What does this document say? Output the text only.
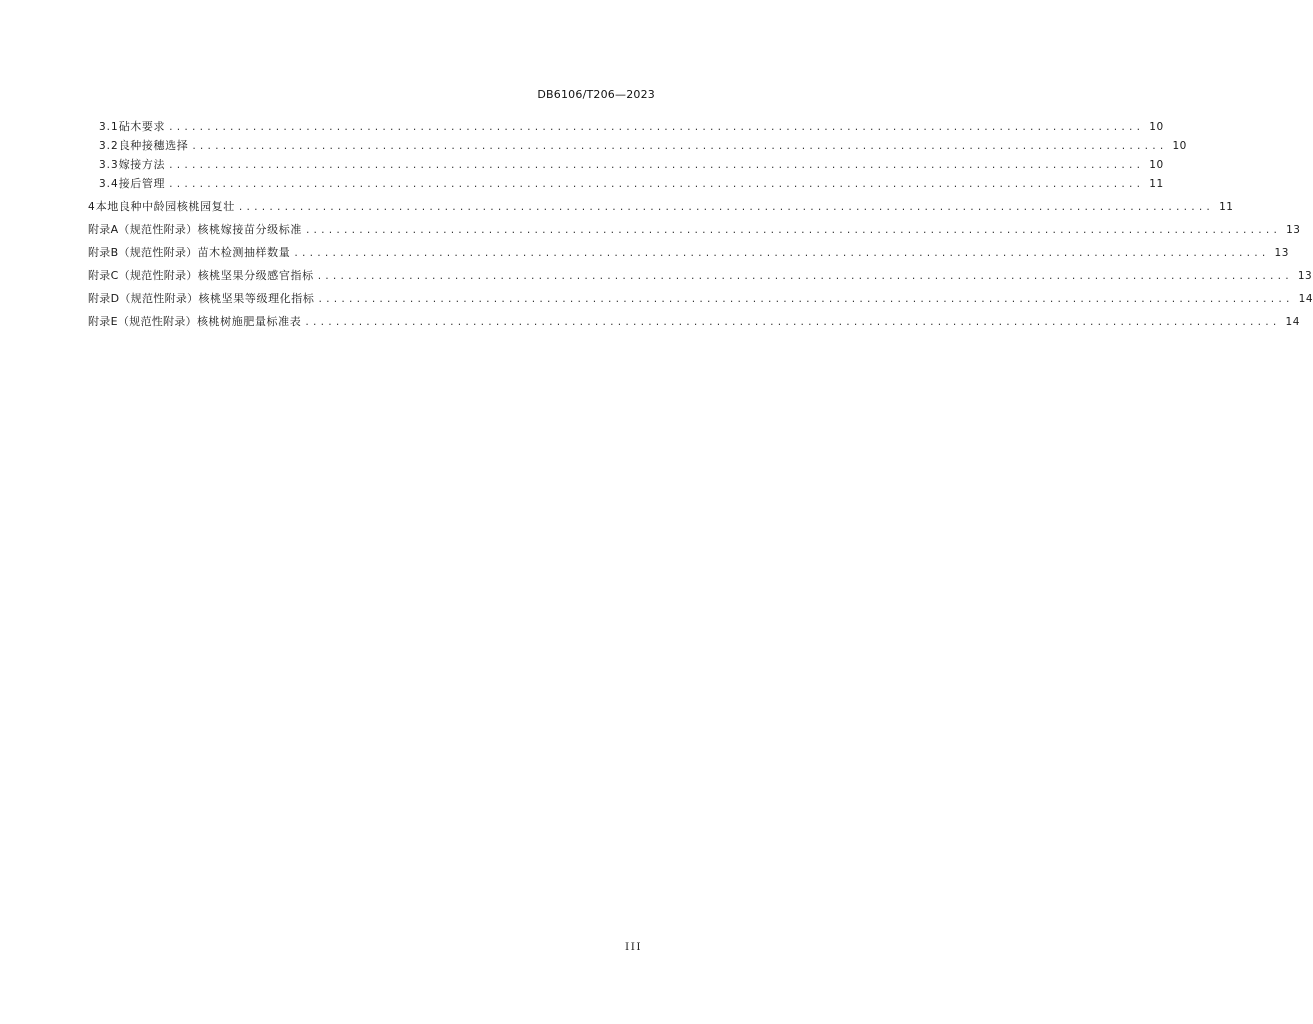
DB6106/T206—2023
3.1 砧木要求 ................................................................................................................................ 10
3.2 良种接穗选择 ................................................................................................................................ 10
3.3 嫁接方法 ................................................................................................................................ 10
3.4 接后管理 ................................................................................................................................ 11
4 本地良种中龄园核桃园复壮 ................................................................................................................................ 11
附录A（规范性附录） 核桃嫁接苗分级标准 ................................................................................................................................ 13
附录B（规范性附录） 苗木检测抽样数量 ................................................................................................................................ 13
附录C（规范性附录） 核桃坚果分级感官指标 ................................................................................................................................ 13
附录D（规范性附录） 核桃坚果等级理化指标 ................................................................................................................................ 14
附录E（规范性附录） 核桃树施肥量标准表 ................................................................................................................................ 14
III
